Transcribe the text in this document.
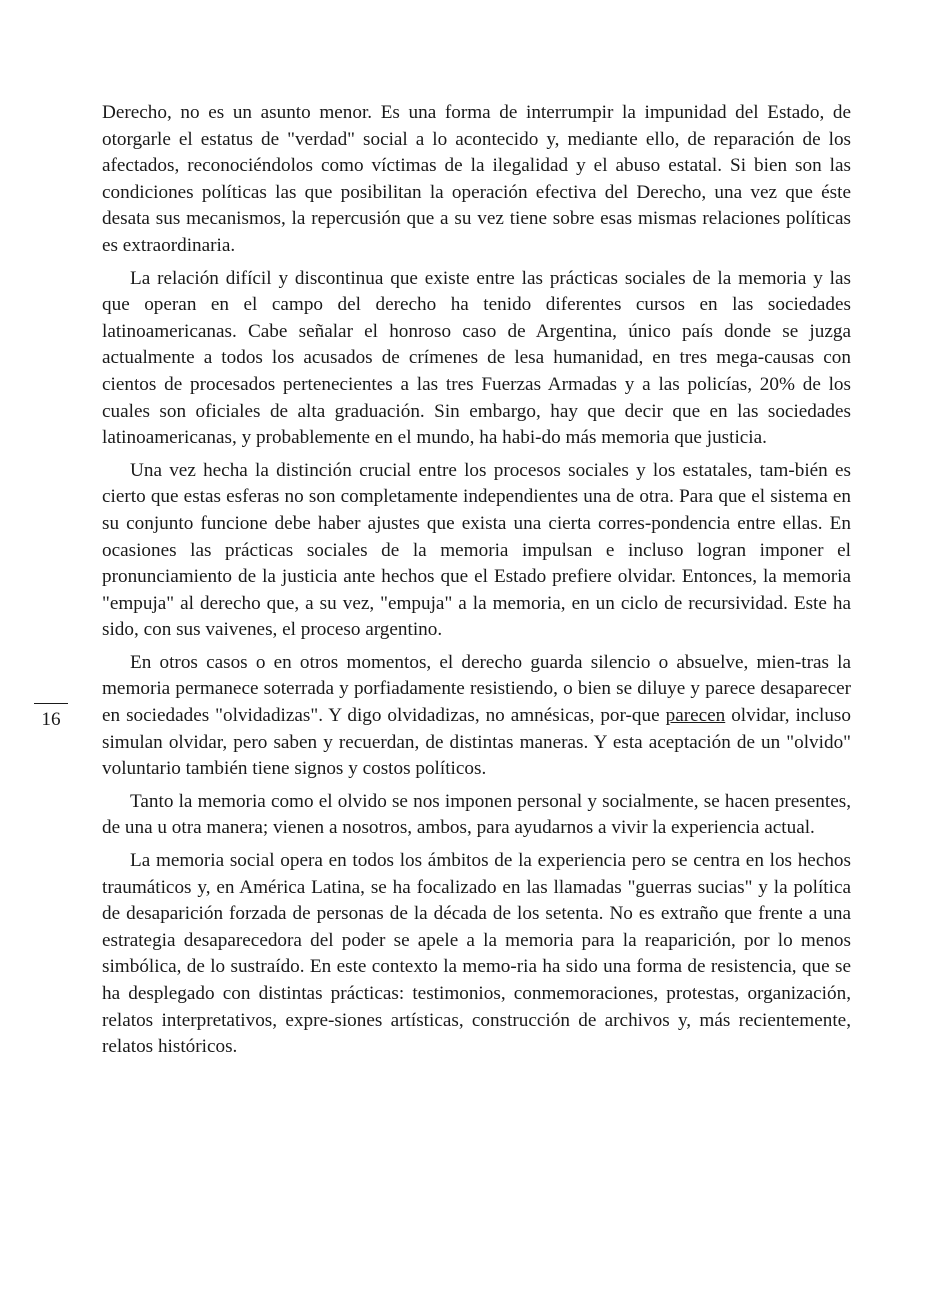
Derecho, no es un asunto menor. Es una forma de interrumpir la impunidad del Estado, de otorgarle el estatus de "verdad" social a lo acontecido y, mediante ello, de reparación de los afectados, reconociéndolos como víctimas de la ilegalidad y el abuso estatal. Si bien son las condiciones políticas las que posibilitan la operación efectiva del Derecho, una vez que éste desata sus mecanismos, la repercusión que a su vez tiene sobre esas mismas relaciones políticas es extraordinaria.

La relación difícil y discontinua que existe entre las prácticas sociales de la memoria y las que operan en el campo del derecho ha tenido diferentes cursos en las sociedades latinoamericanas. Cabe señalar el honroso caso de Argentina, único país donde se juzga actualmente a todos los acusados de crímenes de lesa humanidad, en tres mega-causas con cientos de procesados pertenecientes a las tres Fuerzas Armadas y a las policías, 20% de los cuales son oficiales de alta graduación. Sin embargo, hay que decir que en las sociedades latinoamericanas, y probablemente en el mundo, ha habi-do más memoria que justicia.

Una vez hecha la distinción crucial entre los procesos sociales y los estatales, tam-bién es cierto que estas esferas no son completamente independientes una de otra. Para que el sistema en su conjunto funcione debe haber ajustes que exista una cierta corres-pondencia entre ellas. En ocasiones las prácticas sociales de la memoria impulsan e incluso logran imponer el pronunciamiento de la justicia ante hechos que el Estado prefiere olvidar. Entonces, la memoria "empuja" al derecho que, a su vez, "empuja" a la memoria, en un ciclo de recursividad. Este ha sido, con sus vaivenes, el proceso argentino.

En otros casos o en otros momentos, el derecho guarda silencio o absuelve, mien-tras la memoria permanece soterrada y porfiadamente resistiendo, o bien se diluye y parece desaparecer en sociedades "olvidadizas". Y digo olvidadizas, no amnésicas, por-que parecen olvidar, incluso simulan olvidar, pero saben y recuerdan, de distintas maneras. Y esta aceptación de un "olvido" voluntario también tiene signos y costos políticos.

Tanto la memoria como el olvido se nos imponen personal y socialmente, se hacen presentes, de una u otra manera; vienen a nosotros, ambos, para ayudarnos a vivir la experiencia actual.

La memoria social opera en todos los ámbitos de la experiencia pero se centra en los hechos traumáticos y, en América Latina, se ha focalizado en las llamadas "guerras sucias" y la política de desaparición forzada de personas de la década de los setenta. No es extraño que frente a una estrategia desaparecedora del poder se apele a la memoria para la reaparición, por lo menos simbólica, de lo sustraído. En este contexto la memo-ria ha sido una forma de resistencia, que se ha desplegado con distintas prácticas: testimonios, conmemoraciones, protestas, organización, relatos interpretativos, expre-siones artísticas, construcción de archivos y, más recientemente, relatos históricos.

16
